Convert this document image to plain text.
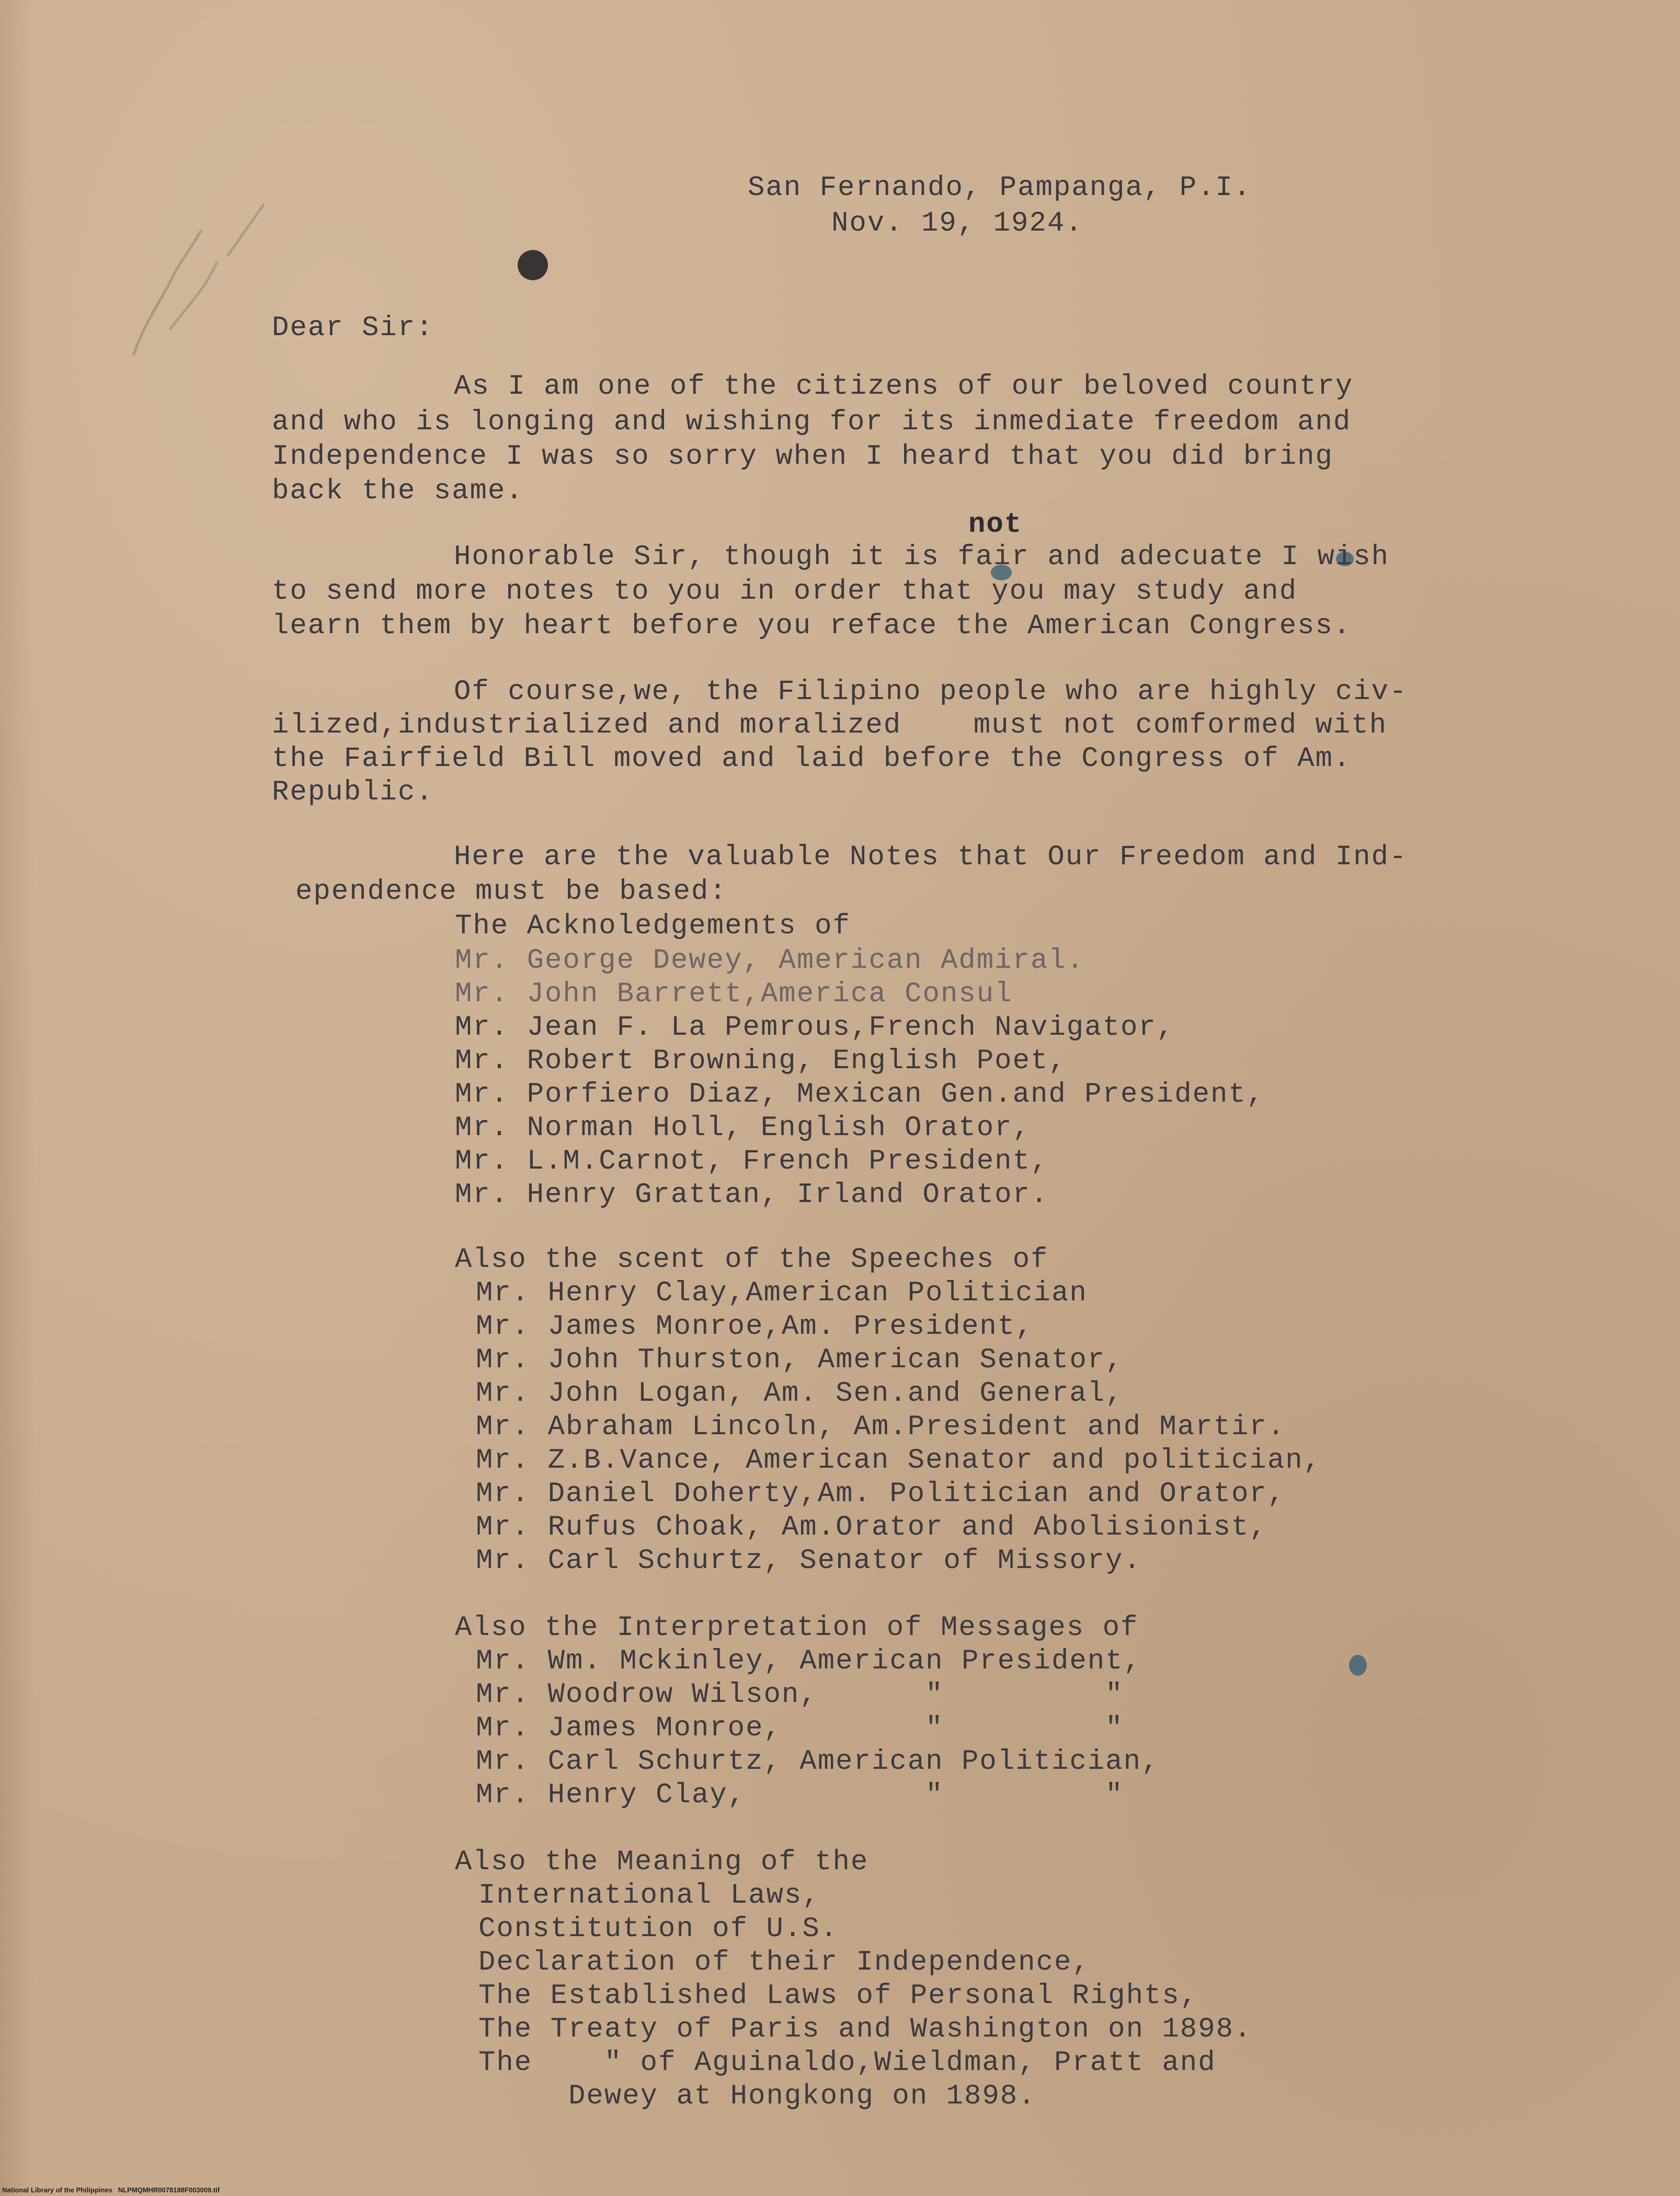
San Fernando, Pampanga, P.I.

Nov. 19, 1924.

Dear Sir:

As I am one of the citizens of our beloved country

and who is longing and wishing for its inmediate freedom and

Independence I was so sorry when I heard that you did bring

back the same.

not

Honorable Sir, though it is fair and adecuate I wish

to send more notes to you in order that you may study and

learn them by heart before you reface the American Congress.

Of course,we, the Filipino people who are highly civ-

ilized,industrialized and moralized    must not comformed with

the Fairfield Bill moved and laid before the Congress of Am.

Republic.

Here are the valuable Notes that Our Freedom and Ind-

ependence must be based:

The Acknoledgements of

Mr. George Dewey, American Admiral.

Mr. John Barrett,America Consul

Mr. Jean F. La Pemrous,French Navigator,

Mr. Robert Browning, English Poet,

Mr. Porfiero Diaz, Mexican Gen.and President,

Mr. Norman Holl, English Orator,

Mr. L.M.Carnot, French President,

Mr. Henry Grattan, Irland Orator.

Also the scent of the Speeches of

Mr. Henry Clay,American Politician

Mr. James Monroe,Am. President,

Mr. John Thurston, American Senator,

Mr. John Logan, Am. Sen.and General,

Mr. Abraham Lincoln, Am.President and Martir.

Mr. Z.B.Vance, American Senator and politician,

Mr. Daniel Doherty,Am. Politician and Orator,

Mr. Rufus Choak, Am.Orator and Abolisionist,

Mr. Carl Schurtz, Senator of Missory.

Also the Interpretation of Messages of

Mr. Wm. Mckinley, American President,

Mr. Woodrow Wilson,      "         "

Mr. James Monroe,        "         "

Mr. Carl Schurtz, American Politician,

Mr. Henry Clay,          "         "

Also the Meaning of the

International Laws,

Constitution of U.S.

Declaration of their Independence,

The Established Laws of Personal Rights,

The Treaty of Paris and Washington on 1898.

The    " of Aguinaldo,Wieldman, Pratt and

Dewey at Hongkong on 1898.

National Library of the Philippines   NLPMQMHR0078188F003009.tif
